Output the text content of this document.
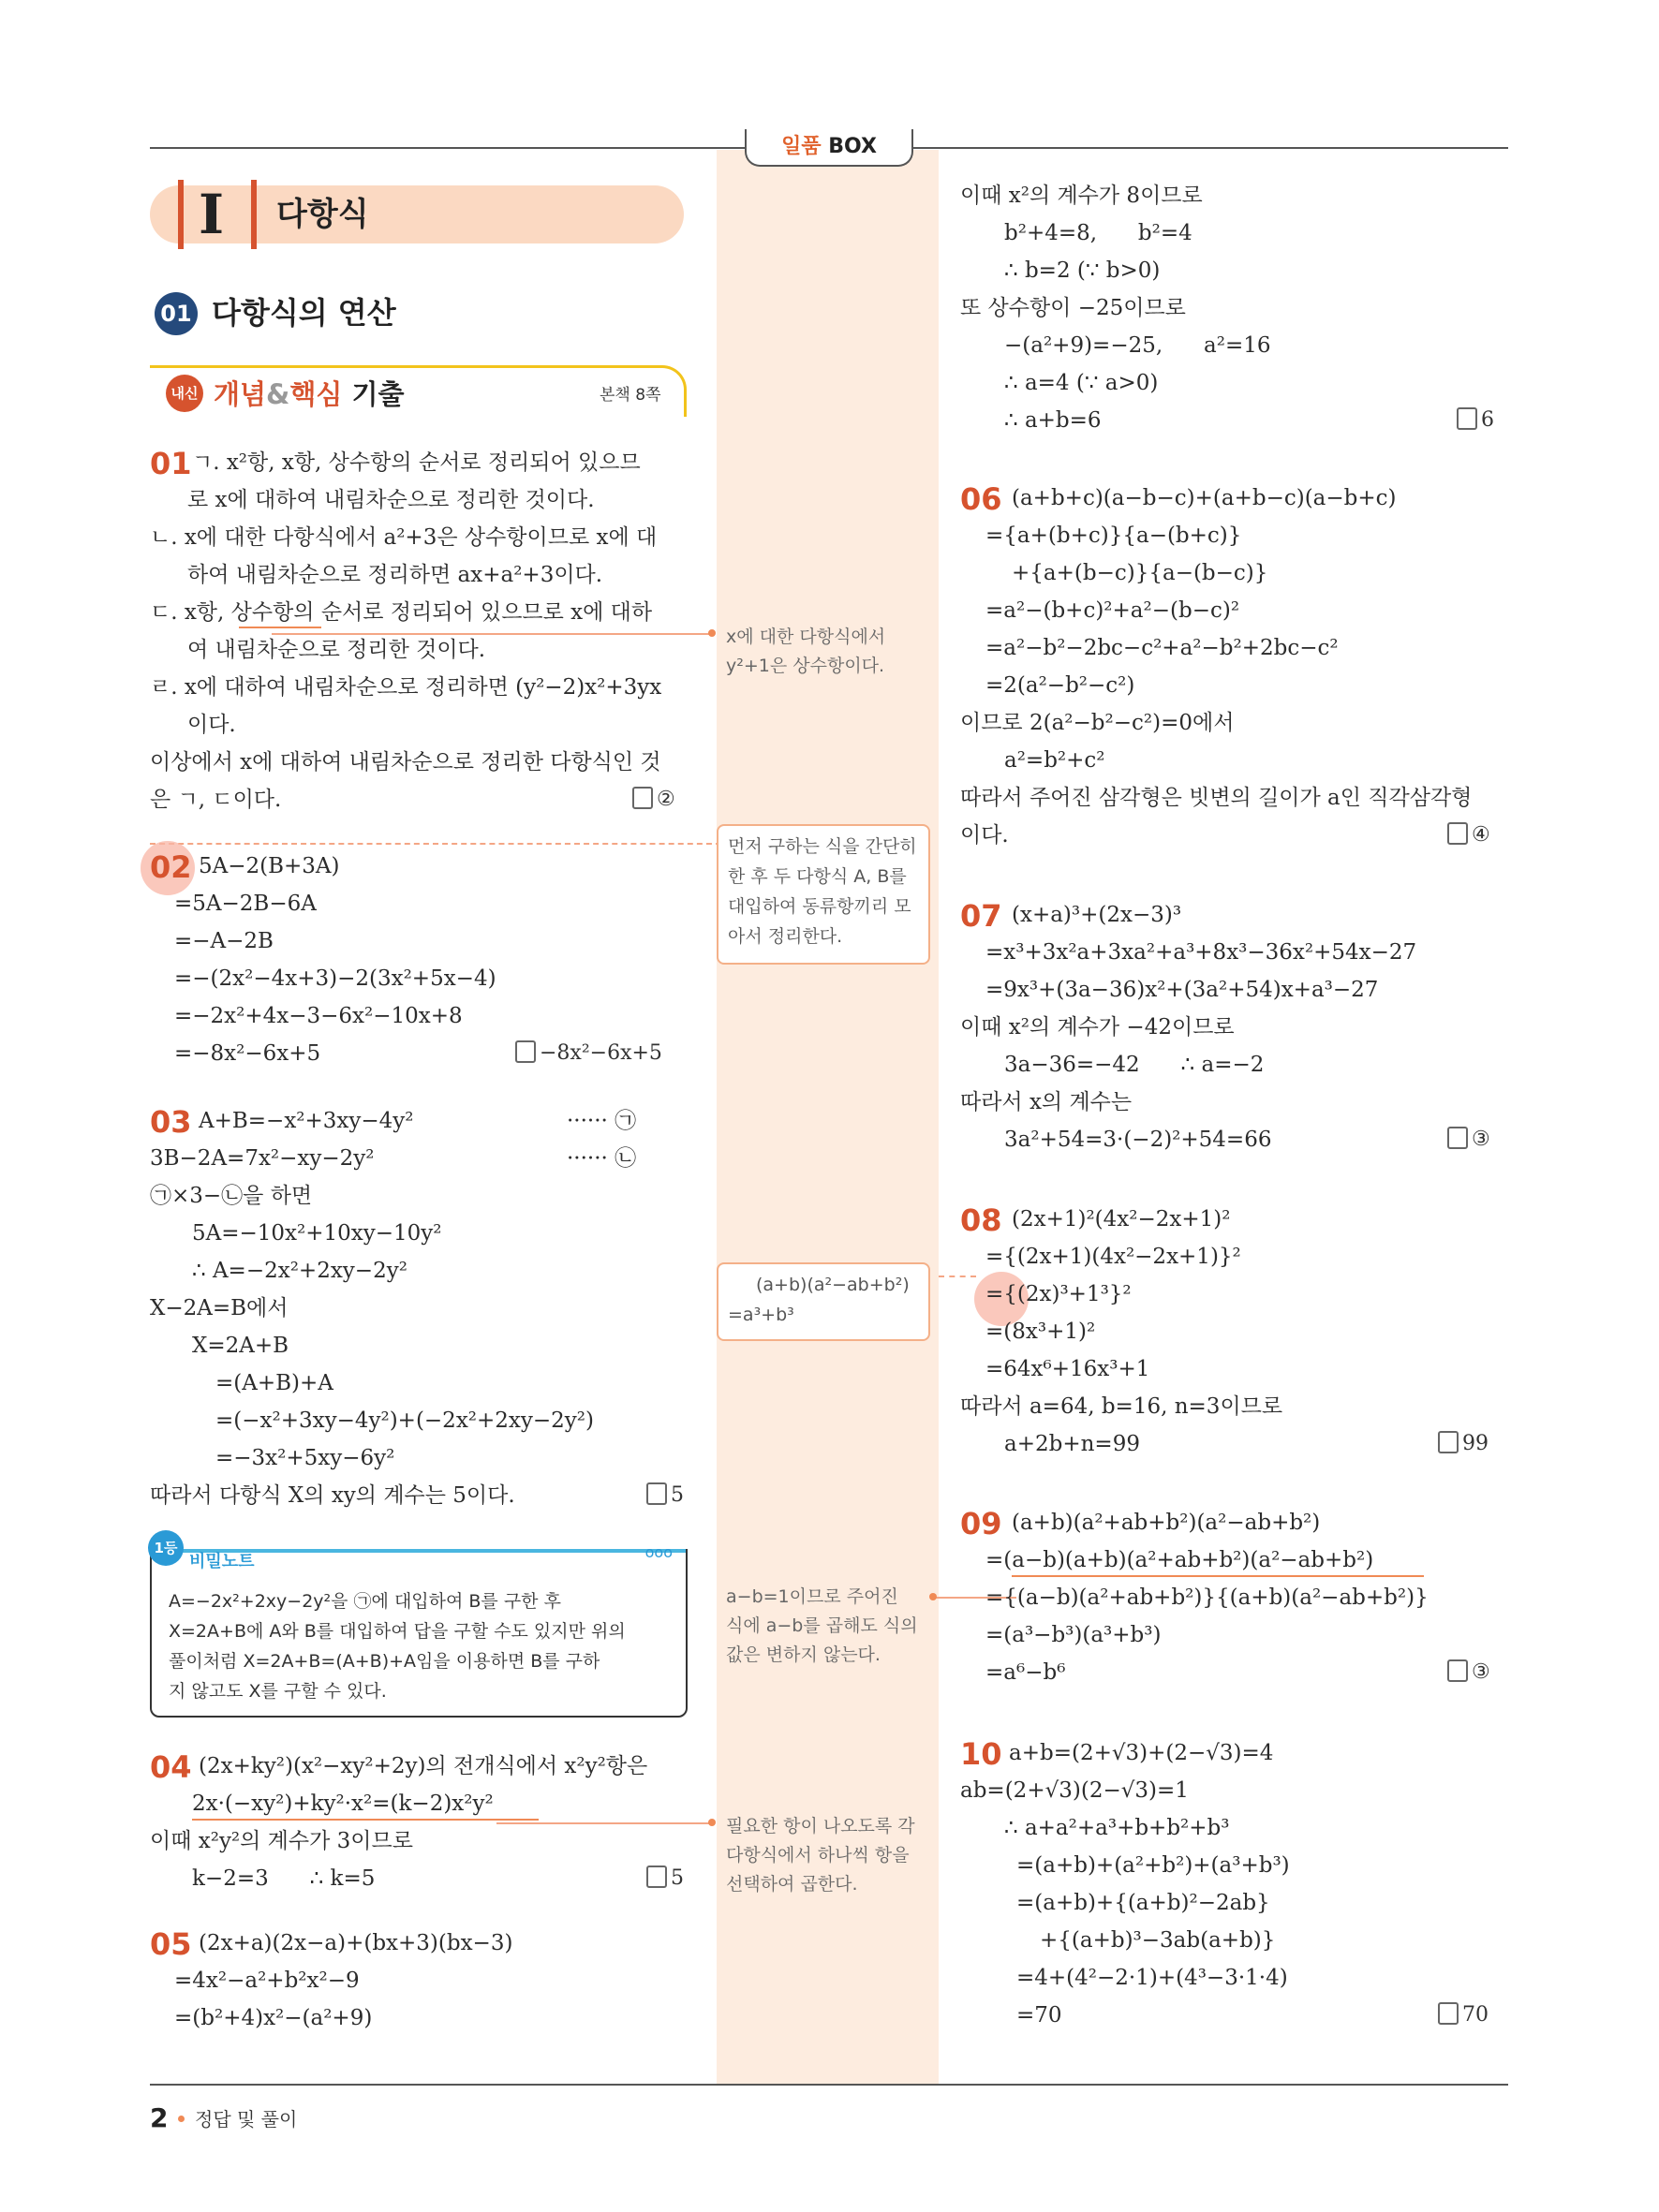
일품 BOX
I 다항식
01 다항식의 연산
내신 개념&핵심 기출	본책 8쪽
01 ㄱ. x²항, x항, 상수항의 순서로 정리되어 있으므
로 x에 대하여 내림차순으로 정리한 것이다.
ㄴ. x에 대한 다항식에서 a²+3은 상수항이므로 x에 대
하여 내림차순으로 정리하면 ax+a²+3이다.
ㄷ. x항, 상수항의 순서로 정리되어 있으므로 x에 대하
여 내림차순으로 정리한 것이다.
ㄹ. x에 대하여 내림차순으로 정리하면 (y²−2)x²+3yx
이다.
이상에서 x에 대하여 내림차순으로 정리한 다항식인 것
은 ㄱ, ㄷ이다.	②
02 5A−2(B+3A)
=5A−2B−6A
=−A−2B
=−(2x²−4x+3)−2(3x²+5x−4)
=−2x²+4x−3−6x²−10x+8
=−8x²−6x+5	−8x²−6x+5
03 A+B=−x²+3xy−4y²	······ ㉠
3B−2A=7x²−xy−2y²	······ ㉡
㉠×3−㉡을 하면
5A=−10x²+10xy−10y²
∴ A=−2x²+2xy−2y²
X−2A=B에서
X=2A+B
=(A+B)+A
=(−x²+3xy−4y²)+(−2x²+2xy−2y²)
=−3x²+5xy−6y²
따라서 다항식 X의 xy의 계수는 5이다.	5
1등급
비밀노트	ooo
A=−2x²+2xy−2y²을 ㉠에 대입하여 B를 구한 후
X=2A+B에 A와 B를 대입하여 답을 구할 수도 있지만 위의
풀이처럼 X=2A+B=(A+B)+A임을 이용하면 B를 구하
지 않고도 X를 구할 수 있다.
04 (2x+ky²)(x²−xy²+2y)의 전개식에서 x²y²항은
2x·(−xy²)+ky²·x²=(k−2)x²y²
이때 x²y²의 계수가 3이므로
k−2=3      ∴ k=5	5
05 (2x+a)(2x−a)+(bx+3)(bx−3)
=4x²−a²+b²x²−9
=(b²+4)x²−(a²+9)
x에 대한 다항식에서
y²+1은 상수항이다.
먼저 구하는 식을 간단히
한 후 두 다항식 A, B를
대입하여 동류항끼리 모
아서 정리한다.
(a+b)(a²−ab+b²)
=a³+b³
a−b=1이므로 주어진
식에 a−b를 곱해도 식의
값은 변하지 않는다.
필요한 항이 나오도록 각
다항식에서 하나씩 항을
선택하여 곱한다.
이때 x²의 계수가 8이므로
b²+4=8,      b²=4
∴ b=2 (∵ b>0)
또 상수항이 −25이므로
−(a²+9)=−25,      a²=16
∴ a=4 (∵ a>0)
∴ a+b=6	6
06 (a+b+c)(a−b−c)+(a+b−c)(a−b+c)
={a+(b+c)}{a−(b+c)}
+{a+(b−c)}{a−(b−c)}
=a²−(b+c)²+a²−(b−c)²
=a²−b²−2bc−c²+a²−b²+2bc−c²
=2(a²−b²−c²)
이므로 2(a²−b²−c²)=0에서
a²=b²+c²
따라서 주어진 삼각형은 빗변의 길이가 a인 직각삼각형
이다.	④
07 (x+a)³+(2x−3)³
=x³+3x²a+3xa²+a³+8x³−36x²+54x−27
=9x³+(3a−36)x²+(3a²+54)x+a³−27
이때 x²의 계수가 −42이므로
3a−36=−42      ∴ a=−2
따라서 x의 계수는
3a²+54=3·(−2)²+54=66	③
08 (2x+1)²(4x²−2x+1)²
={(2x+1)(4x²−2x+1)}²
={(2x)³+1³}²
=(8x³+1)²
=64x⁶+16x³+1
따라서 a=64, b=16, n=3이므로
a+2b+n=99	99
09 (a+b)(a²+ab+b²)(a²−ab+b²)
=(a−b)(a+b)(a²+ab+b²)(a²−ab+b²)
={(a−b)(a²+ab+b²)}{(a+b)(a²−ab+b²)}
=(a³−b³)(a³+b³)
=a⁶−b⁶	③
10 a+b=(2+√3)+(2−√3)=4
ab=(2+√3)(2−√3)=1
∴ a+a²+a³+b+b²+b³
=(a+b)+(a²+b²)+(a³+b³)
=(a+b)+{(a+b)²−2ab}
+{(a+b)³−3ab(a+b)}
=4+(4²−2·1)+(4³−3·1·4)
=70	70
2 정답 및 풀이
